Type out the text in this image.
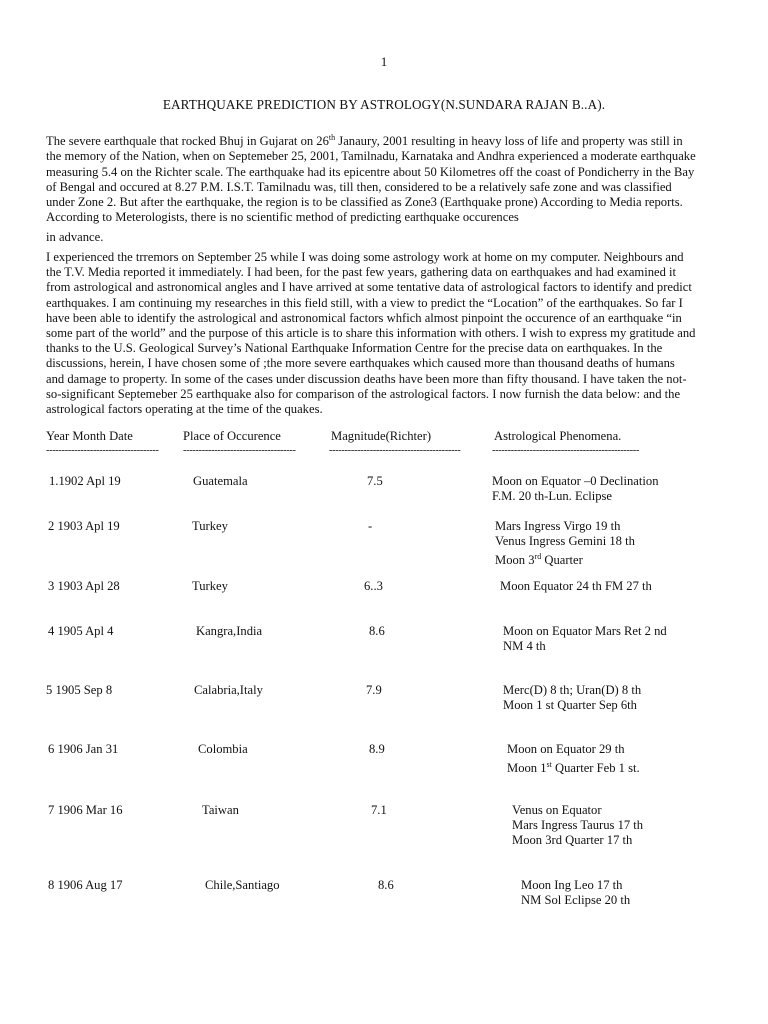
1
EARTHQUAKE PREDICTION BY ASTROLOGY(N.SUNDARA RAJAN B..A).
The severe earthquale that rocked Bhuj in Gujarat on 26th Janaury, 2001 resulting in heavy loss of life and property was still in the memory of the Nation, when on Septemeber 25, 2001, Tamilnadu, Karnataka and Andhra experienced a moderate earthquake measuring 5.4 on the Richter scale. The earthquake had its epicentre about 50 Kilometres off the coast of Pondicherry in the Bay of Bengal and occured at 8.27 P.M. I.S.T. Tamilnadu was, till then, considered to be a relatively safe zone and was classified under Zone 2. But after the earthquake, the region is to be classified as Zone3 (Earthquake prone) According to Media reports. According to Meterologists, there is no scientific method of predicting earthquake occurences
in advance.
I experienced the trremors on September 25 while I was doing some astrology work at home on my computer. Neighbours and the T.V. Media reported it immediately. I had been, for the past few years, gathering data on earthquakes and had examined it from astrological and astronomical angles and I have arrived at some tentative data of astrological factors to identify and predict earthquakes. I am continuing my researches in this field still, with a view to predict the “Location” of the earthquakes. So far I have been able to identify the astrological and astronomical factors whfich almost pinpoint the occurence of an earthquake “in some part of the world” and the purpose of this article is to share this information with others. I wish to express my gratitude and thanks to the U.S. Geological Survey’s National Earthquake Information Centre for the precise data on earthquakes. In the discussions, herein, I have chosen some of ;the more severe earthquakes which caused more than thousand deaths of humans and damage to property. In some of the cases under discussion deaths have been more than fifty thousand. I have taken the not-so-significant Septemeber 25 earthquake also for comparison of the astrological factors. I now furnish the data below: and the astrological factors operating at the time of the quakes.
Year Month Date	Place of Occurence	Magnitude(Richter)	Astrological Phenomena.
------------------------------------ ------------------------------------	------------------------------------------	-----------------------------------------------
1.1902 Apl 19	Guatemala	7.5	Moon on Equator –0 Declination
F.M. 20 th-Lun. Eclipse
2 1903 Apl 19	Turkey	-	Mars Ingress Virgo 19 th
Venus Ingress Gemini 18 th
Moon 3rd Quarter
3 1903 Apl 28	Turkey	6..3	Moon Equator 24 th FM 27 th
4 1905 Apl 4	Kangra,India	8.6	Moon on Equator Mars Ret 2 nd
NM 4 th
5 1905 Sep 8	Calabria,Italy	7.9	Merc(D) 8 th; Uran(D) 8 th
Moon 1 st Quarter Sep 6th
6 1906 Jan 31	Colombia	8.9	Moon on Equator 29 th
Moon 1st Quarter Feb 1 st.
7 1906 Mar 16	Taiwan	7.1	Venus on Equator
Mars Ingress Taurus 17 th
Moon 3rd Quarter 17 th
8 1906 Aug 17	Chile,Santiago	8.6	Moon Ing Leo 17 th
NM Sol Eclipse 20 th
